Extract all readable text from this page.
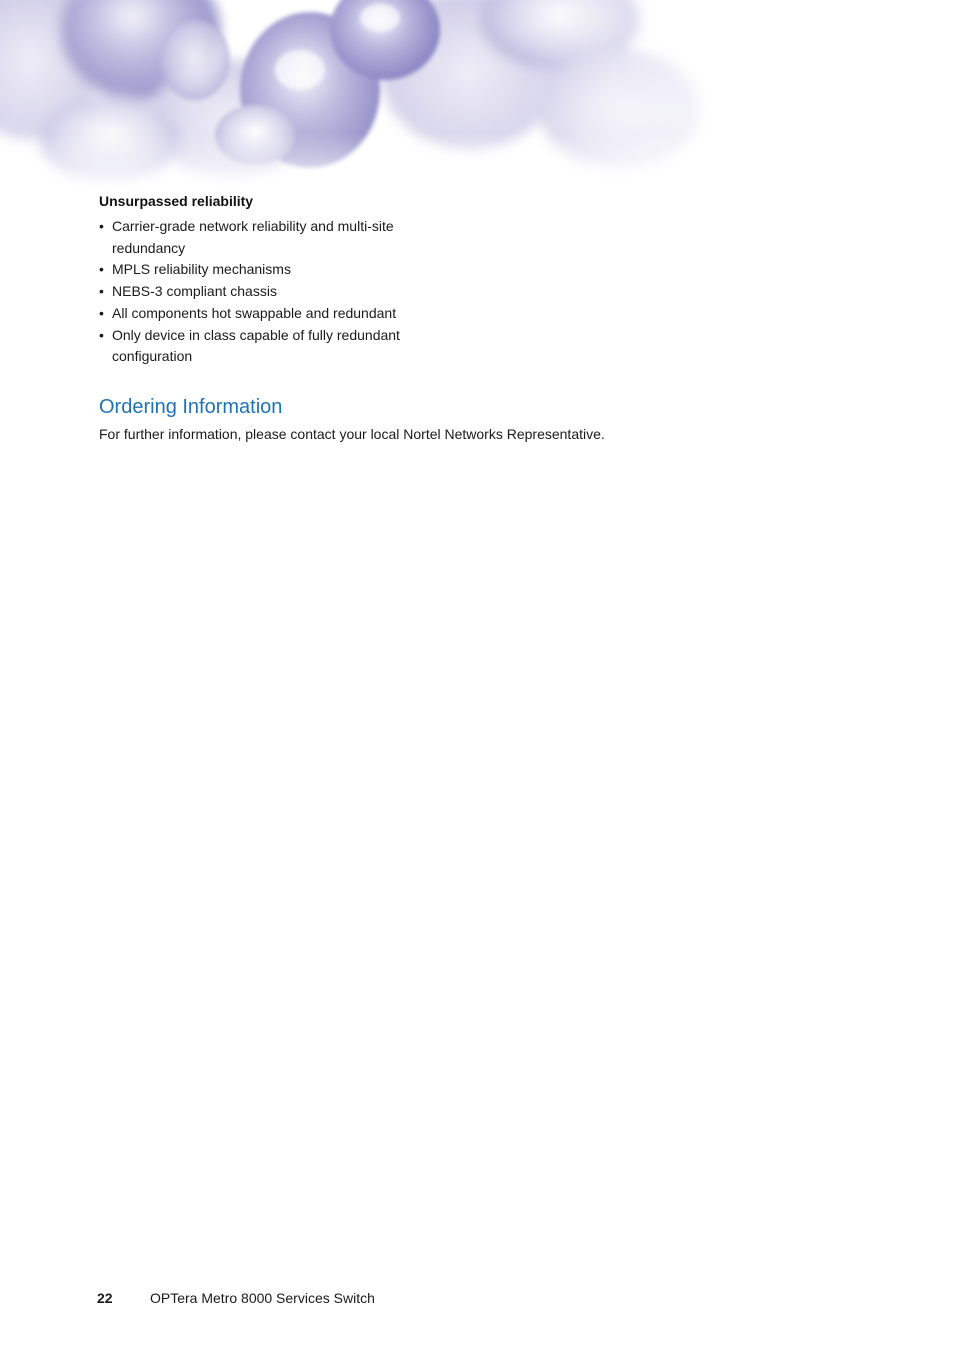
Unsurpassed reliability
• Carrier-grade network reliability and multi-site redundancy
• MPLS reliability mechanisms
• NEBS-3 compliant chassis
• All components hot swappable and redundant
• Only device in class capable of fully redundant configuration
Ordering Information

For further information, please contact your local Nortel Networks Representative.

22	OPTera Metro 8000 Services Switch
